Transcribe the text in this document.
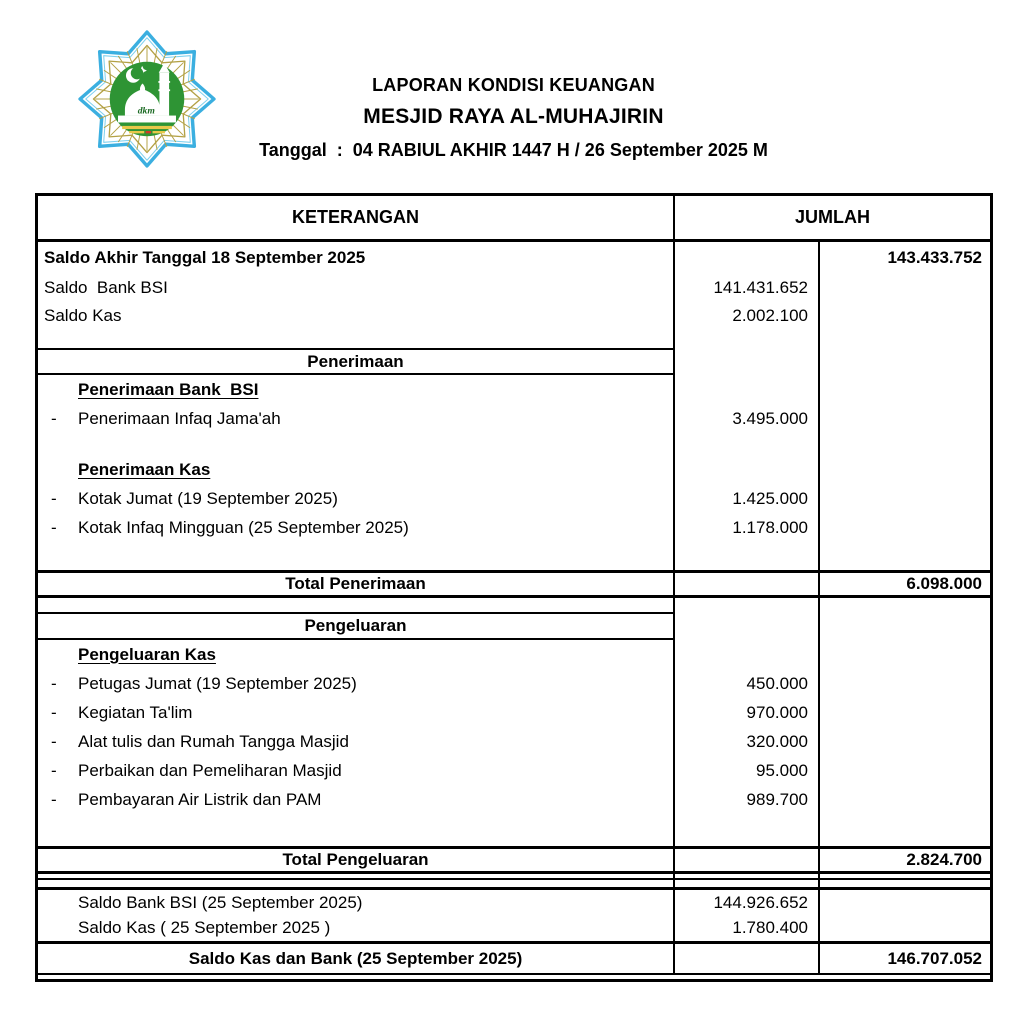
dkm
LAPORAN KONDISI KEUANGAN
MESJID RAYA AL-MUHAJIRIN
Tanggal  :  04 RABIUL AKHIR 1447 H / 26 September 2025 M
KETERANGAN	JUMLAH
Saldo Akhir Tanggal 18 September 2025	143.433.752
Saldo  Bank BSI	141.431.652
Saldo Kas	2.002.100
Penerimaan
Penerimaan Bank  BSI
-
Penerimaan Infaq Jama'ah	3.495.000
Penerimaan Kas
-
Kotak Jumat (19 September 2025)	1.425.000
-
Kotak Infaq Mingguan (25 September 2025)	1.178.000
Total Penerimaan	6.098.000
Pengeluaran
Pengeluaran Kas
-
Petugas Jumat (19 September 2025)	450.000
-
Kegiatan Ta'lim	970.000
-
Alat tulis dan Rumah Tangga Masjid	320.000
-
Perbaikan dan Pemeliharan Masjid	95.000
-
Pembayaran Air Listrik dan PAM	989.700
Total Pengeluaran	2.824.700
Saldo Bank BSI (25 September 2025)	144.926.652
Saldo Kas ( 25 September 2025 )	1.780.400
Saldo Kas dan Bank (25 September 2025)	146.707.052
